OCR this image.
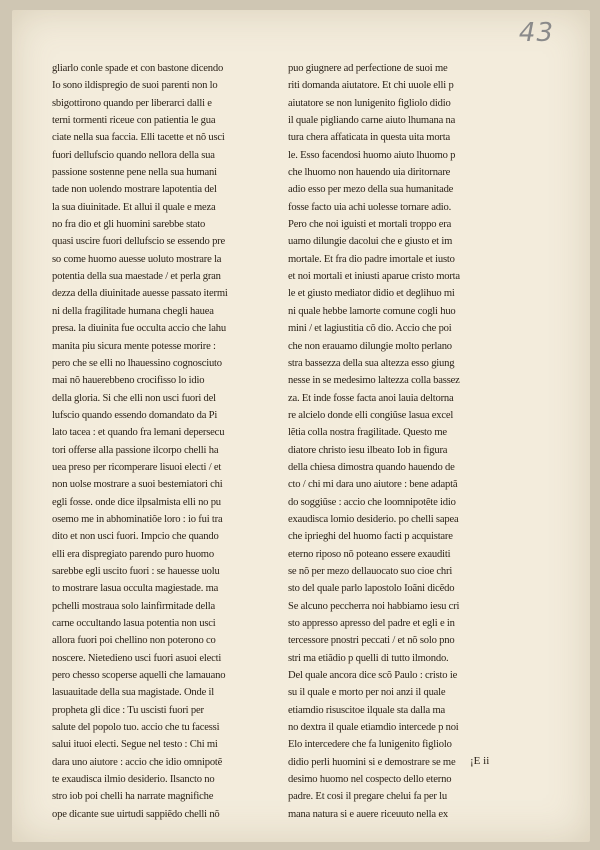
43
gliarlo conle spade et con bastone dicendo
Io sono ildispregio de suoi parenti non lo
sbigottirono quando per liberarci dalli e
terni tormenti riceue con patientia le gua
ciate nella sua faccia. Elli tacette et nõ usci
fuori dellufscio quando nellora della sua
passione sostenne pene nella sua humani
tade non uolendo mostrare lapotentia del
la sua diuinitade. Et allui il quale e meza
no fra dio et gli huomini sarebbe stato
quasi uscire fuori dellufscio se essendo pre
so come huomo auesse uoluto mostrare la
potentia della sua maestade / et perla gran
dezza della diuinitade auesse passato itermi
ni della fragilitade humana chegli hauea
presa. la diuinita fue occulta accio che lahu
manita piu sicura mente potesse morire :
pero che se elli no lhauessino cognosciuto
mai nõ hauerebbeno crocifisso lo idio
della gloria. Si che elli non usci fuori del
lufscio quando essendo domandato da Pi
lato tacea : et quando fra lemani depersecu
tori offerse alla passione ilcorpo chelli ha
uea preso per ricomperare lisuoi electi / et
non uolse mostrare a suoi bestemiatori chi
egli fosse. onde dice ilpsalmista elli no pu
osemo me in abhominatiõe loro : io fui tra
dito et non usci fuori. Impcio che quando
elli era dispregiato parendo puro huomo
sarebbe egli uscito fuori : se hauesse uolu
to mostrare lasua occulta magiestade. ma
pchelli mostraua solo lainfirmitade della
carne occultando lasua potentia non usci
allora fuori poi chellino non poterono co
noscere. Nietedieno usci fuori asuoi electi
pero chesso scoperse aquelli che lamauano
lasuauitade della sua magistade. Onde il
propheta gli dice : Tu uscisti fuori per
salute del popolo tuo. accio che tu facessi
salui ituoi electi. Segue nel testo : Chi mi
dara uno aiutore : accio che idio omnipotẽ
te exaudisca ilmio desiderio. Ilsancto no
stro iob poi chelli ha narrate magnifiche
ope dicante sue uirtudi sappiẽdo chelli nõ
puo giugnere ad perfectione de suoi me
riti domanda aiutatore. Et chi uuole elli p
aiutatore se non lunigenito figliolo didio
il quale pigliando carne aiuto lhumana na
tura chera affaticata in questa uita morta
le. Esso facendosi huomo aiuto lhuomo p
che lhuomo non hauendo uia diritornare
adio esso per mezo della sua humanitade
fosse facto uia achi uolesse tornare adio.
Pero che noi iguisti et mortali troppo era
uamo dilungie dacolui che e giusto et im
mortale. Et fra dio padre imortale et iusto
et noi mortali et iniusti aparue cristo morta
le et giusto mediator didio et deglihuo mi
ni quale hebbe lamorte comune cogli huo
mini / et lagiustitia cõ dio. Accio che poi
che non erauamo dilungie molto perlano
stra bassezza della sua altezza esso giung
nesse in se medesimo laltezza colla bassez
za. Et inde fosse facta anoi lauia deltorna
re alcielo donde elli congiũse lasua excel
lẽtia colla nostra fragilitade. Questo me
diatore christo iesu ilbeato Iob in figura
della chiesa dimostra quando hauendo de
cto / chi mi dara uno aiutore : bene adaptã
do soggiũse : accio che loomnipotẽte idio
exaudisca lomio desiderio. po chelli sapea
che iprieghi del huomo facti p acquistare
eterno riposo nõ poteano essere exauditi
se nõ per mezo dellauocato suo cioe chri
sto del quale parlo lapostolo Ioãni dicẽdo
Se alcuno peccherra noi habbiamo iesu cri
sto appresso apresso del padre et egli e in
tercessore pnostri peccati / et nõ solo pno
stri ma etiãdio p quelli di tutto ilmondo.
Del quale ancora dice scõ Paulo : cristo ie
su il quale e morto per noi anzi il quale
etiamdio risuscitoe ilquale sta dalla ma
no dextra il quale etiamdio intercede p noi
Elo intercedere che fa lunigenito figliolo
didio perli huomini si e demostrare se me
desimo huomo nel cospecto dello eterno
padre. Et cosi il pregare chelui fa per lu
mana natura si e auere riceuuto nella ex
¡E ii
